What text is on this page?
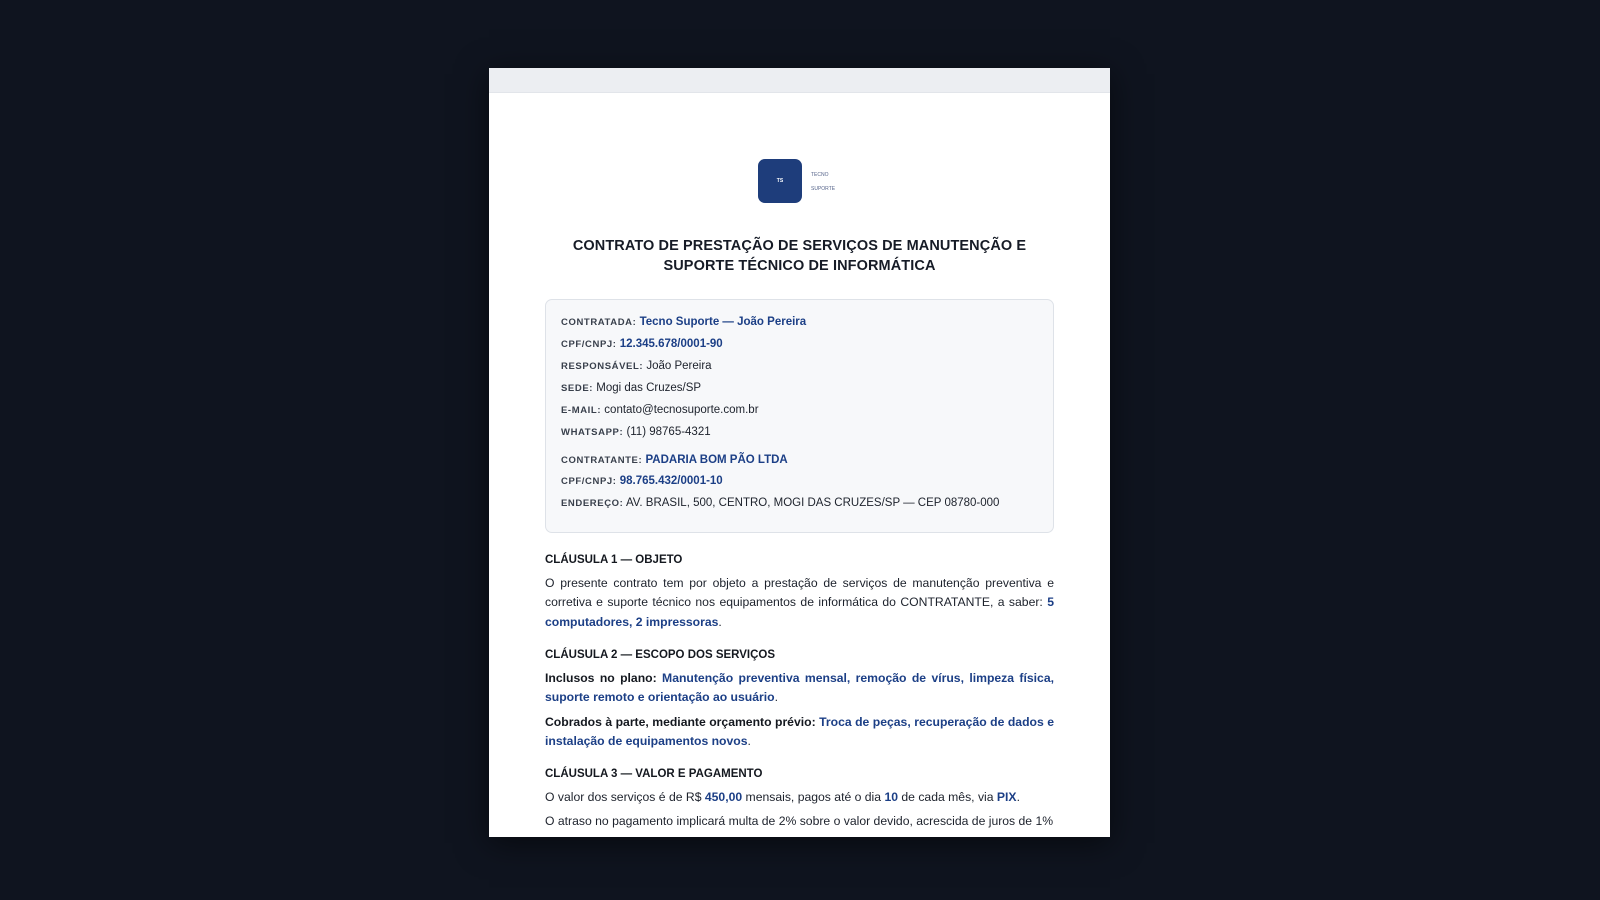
TS
TECNO
SUPORTE
CONTRATO DE PRESTAÇÃO DE SERVIÇOS DE MANUTENÇÃO E
SUPORTE TÉCNICO DE INFORMÁTICA
CONTRATADA: Tecno Suporte — João Pereira
CPF/CNPJ: 12.345.678/0001-90
RESPONSÁVEL: João Pereira
SEDE: Mogi das Cruzes/SP
E-MAIL: contato@tecnosuporte.com.br
WHATSAPP: (11) 98765-4321
CONTRATANTE: PADARIA BOM PÃO LTDA
CPF/CNPJ: 98.765.432/0001-10
ENDEREÇO: AV. BRASIL, 500, CENTRO, MOGI DAS CRUZES/SP — CEP 08780-000
CLÁUSULA 1 — OBJETO

O presente contrato tem por objeto a prestação de serviços de manutenção preventiva e corretiva e suporte técnico nos equipamentos de informática do CONTRATANTE, a saber: 5 computadores, 2 impressoras.

CLÁUSULA 2 — ESCOPO DOS SERVIÇOS

Inclusos no plano: Manutenção preventiva mensal, remoção de vírus, limpeza física, suporte remoto e orientação ao usuário.

Cobrados à parte, mediante orçamento prévio: Troca de peças, recuperação de dados e instalação de equipamentos novos.

CLÁUSULA 3 — VALOR E PAGAMENTO

O valor dos serviços é de R$ 450,00 mensais, pagos até o dia 10 de cada mês, via PIX.

O atraso no pagamento implicará multa de 2% sobre o valor devido, acrescida de juros de 1%
